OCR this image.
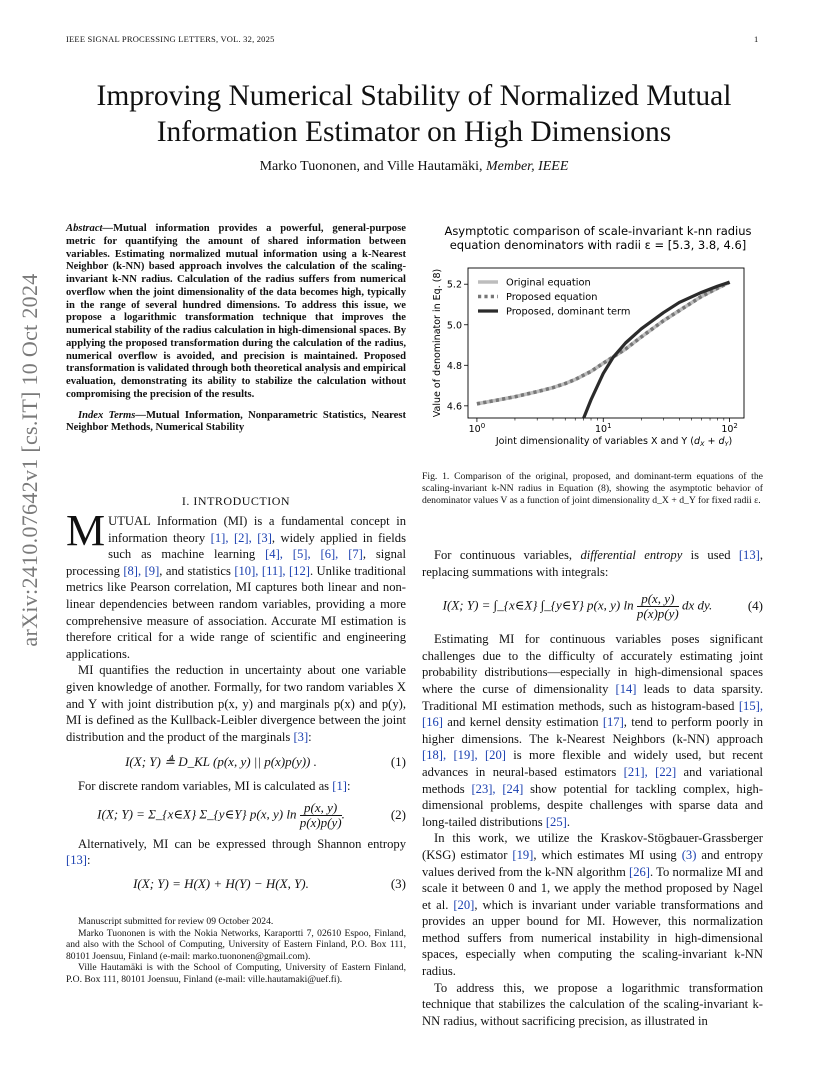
IEEE SIGNAL PROCESSING LETTERS, VOL. 32, 2025	1
Improving Numerical Stability of Normalized Mutual Information Estimator on High Dimensions
Marko Tuononen, and Ville Hautamäki, Member, IEEE
arXiv:2410.07642v1 [cs.IT] 10 Oct 2024

Abstract—Mutual information provides a powerful, general-purpose metric for quantifying the amount of shared information between variables. Estimating normalized mutual information using a k-Nearest Neighbor (k-NN) based approach involves the calculation of the scaling-invariant k-NN radius. Calculation of the radius suffers from numerical overflow when the joint dimensionality of the data becomes high, typically in the range of several hundred dimensions. To address this issue, we propose a logarithmic transformation technique that improves the numerical stability of the radius calculation in high-dimensional spaces. By applying the proposed transformation during the calculation of the radius, numerical overflow is avoided, and precision is maintained. Proposed transformation is validated through both theoretical analysis and empirical evaluation, demonstrating its ability to stabilize the calculation without compromising the precision of the results.

Index Terms—Mutual Information, Nonparametric Statistics, Nearest Neighbor Methods, Numerical Stability

I. INTRODUCTION

MUTUAL Information (MI) is a fundamental concept in information theory [1], [2], [3], widely applied in fields such as machine learning [4], [5], [6], [7], signal processing [8], [9], and statistics [10], [11], [12]. Unlike traditional metrics like Pearson correlation, MI captures both linear and non-linear dependencies between random variables, providing a more comprehensive measure of association. Accurate MI estimation is therefore critical for a wide range of scientific and engineering applications.

MI quantifies the reduction in uncertainty about one variable given knowledge of another. Formally, for two random variables X and Y with joint distribution p(x, y) and marginals p(x) and p(y), MI is defined as the Kullback-Leibler divergence between the joint distribution and the product of the marginals [3]:

I(X; Y) ≜ D_KL (p(x, y) || p(x)p(y)) .	(1)

For discrete random variables, MI is calculated as [1]:

I(X; Y) = Σ_{x∈X} Σ_{y∈Y} p(x, y) $\ln \frac{p(x, y)}{p(x)p(y)}$ .	(2)

Alternatively, MI can be expressed through Shannon entropy [13]:

I(X; Y) = H(X) + H(Y) − H(X, Y).	(3)

Manuscript submitted for review 09 October 2024.

Marko Tuononen is with the Nokia Networks, Karaportti 7, 02610 Espoo, Finland, and also with the School of Computing, University of Eastern Finland, P.O. Box 111, 80101 Joensuu, Finland (e-mail: marko.tuononen@gmail.com).

Ville Hautamäki is with the School of Computing, University of Eastern Finland, P.O. Box 111, 80101 Joensuu, Finland (e-mail: ville.hautamaki@uef.fi).

Asymptotic comparison of scale-invariant k-nn radius
equation denominators with radii ε = [5.3, 3.8, 4.6]
4.6
4.8
5.0
5.2
$10^0$	$10^1$	$10^2$
Joint dimensionality of variables X and Y $(d_X + d_Y)$
Value of denominator in Eq. (8)	Original equation
Proposed equation
Proposed, dominant term
Fig. 1. Comparison of the original, proposed, and dominant-term equations of the scaling-invariant k-NN radius in Equation (8), showing the asymptotic behavior of denominator values V as a function of joint dimensionality d_X + d_Y for fixed radii ε.

For continuous variables, differential entropy is used [13], replacing summations with integrals:

I(X; Y) = ∫_{x∈X} ∫_{y∈Y} p(x, y) $\ln \frac{p(x, y)}{p(x)p(y)}$ dx dy.	(4)

Estimating MI for continuous variables poses significant challenges due to the difficulty of accurately estimating joint probability distributions—especially in high-dimensional spaces where the curse of dimensionality [14] leads to data sparsity. Traditional MI estimation methods, such as histogram-based [15], [16] and kernel density estimation [17], tend to perform poorly in higher dimensions. The k-Nearest Neighbors (k-NN) approach [18], [19], [20] is more flexible and widely used, but recent advances in neural-based estimators [21], [22] and variational methods [23], [24] show potential for tackling complex, high-dimensional problems, despite challenges with sparse data and long-tailed distributions [25].

In this work, we utilize the Kraskov-Stögbauer-Grassberger (KSG) estimator [19], which estimates MI using (3) and entropy values derived from the k-NN algorithm [26]. To normalize MI and scale it between 0 and 1, we apply the method proposed by Nagel et al. [20], which is invariant under variable transformations and provides an upper bound for MI. However, this normalization method suffers from numerical instability in high-dimensional spaces, especially when computing the scaling-invariant k-NN radius.

To address this, we propose a logarithmic transformation technique that stabilizes the calculation of the scaling-invariant k-NN radius, without sacrificing precision, as illustrated in
